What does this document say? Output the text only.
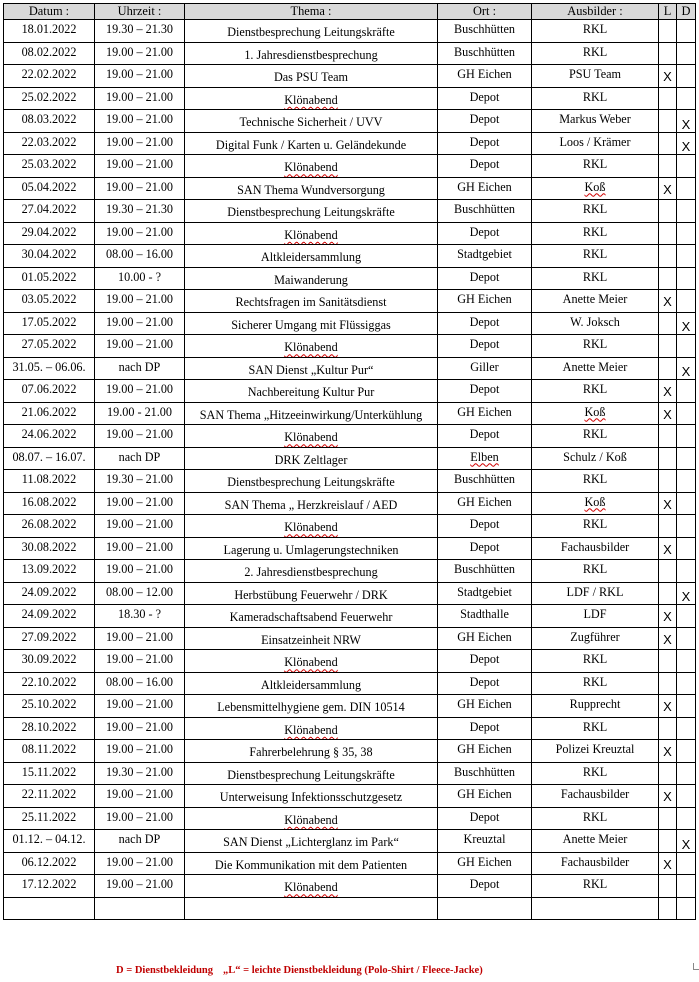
Datum :	Uhrzeit :	Thema :	Ort :	Ausbilder :	L	D
18.01.2022	19.30 – 21.30	Dienstbesprechung Leitungskräfte	Buschhütten	RKL		
08.02.2022	19.00 – 21.00	1. Jahresdienstbesprechung	Buschhütten	RKL		
22.02.2022	19.00 – 21.00	Das PSU Team	GH Eichen	PSU Team	X	
25.02.2022	19.00 – 21.00	Klönabend	Depot	RKL		
08.03.2022	19.00 – 21.00	Technische Sicherheit / UVV	Depot	Markus Weber		X
22.03.2022	19.00 – 21.00	Digital Funk / Karten u. Geländekunde	Depot	Loos / Krämer		X
25.03.2022	19.00 – 21.00	Klönabend	Depot	RKL		
05.04.2022	19.00 – 21.00	SAN Thema Wundversorgung	GH Eichen	Koß	X	
27.04.2022	19.30 – 21.30	Dienstbesprechung Leitungskräfte	Buschhütten	RKL		
29.04.2022	19.00 – 21.00	Klönabend	Depot	RKL		
30.04.2022	08.00 – 16.00	Altkleidersammlung	Stadtgebiet	RKL		
01.05.2022	10.00 - ?	Maiwanderung	Depot	RKL		
03.05.2022	19.00 – 21.00	Rechtsfragen im Sanitätsdienst	GH Eichen	Anette Meier	X	
17.05.2022	19.00 – 21.00	Sicherer Umgang mit Flüssiggas	Depot	W. Joksch		X
27.05.2022	19.00 – 21.00	Klönabend	Depot	RKL		
31.05. – 06.06.	nach DP	SAN Dienst „Kultur Pur“	Giller	Anette Meier		X
07.06.2022	19.00 – 21.00	Nachbereitung Kultur Pur	Depot	RKL	X	
21.06.2022	19.00 - 21.00	SAN Thema „Hitzeeinwirkung/Unterkühlung	GH Eichen	Koß	X	
24.06.2022	19.00 – 21.00	Klönabend	Depot	RKL		
08.07. – 16.07.	nach DP	DRK Zeltlager	Elben	Schulz / Koß		
11.08.2022	19.30 – 21.00	Dienstbesprechung Leitungskräfte	Buschhütten	RKL		
16.08.2022	19.00 – 21.00	SAN Thema „ Herzkreislauf / AED	GH Eichen	Koß	X	
26.08.2022	19.00 – 21.00	Klönabend	Depot	RKL		
30.08.2022	19.00 – 21.00	Lagerung u. Umlagerungstechniken	Depot	Fachausbilder	X	
13.09.2022	19.00 – 21.00	2. Jahresdienstbesprechung	Buschhütten	RKL		
24.09.2022	08.00 – 12.00	Herbstübung Feuerwehr / DRK	Stadtgebiet	LDF / RKL		X
24.09.2022	18.30 - ?	Kameradschaftsabend Feuerwehr	Stadthalle	LDF	X	
27.09.2022	19.00 – 21.00	Einsatzeinheit NRW	GH Eichen	Zugführer	X	
30.09.2022	19.00 – 21.00	Klönabend	Depot	RKL		
22.10.2022	08.00 – 16.00	Altkleidersammlung	Depot	RKL		
25.10.2022	19.00 – 21.00	Lebensmittelhygiene gem. DIN 10514	GH Eichen	Rupprecht	X	
28.10.2022	19.00 – 21.00	Klönabend	Depot	RKL		
08.11.2022	19.00 – 21.00	Fahrerbelehrung § 35, 38	GH Eichen	Polizei Kreuztal	X	
15.11.2022	19.30 – 21.00	Dienstbesprechung Leitungskräfte	Buschhütten	RKL		
22.11.2022	19.00 – 21.00	Unterweisung Infektionsschutzgesetz	GH Eichen	Fachausbilder	X	
25.11.2022	19.00 – 21.00	Klönabend	Depot	RKL		
01.12. – 04.12.	nach DP	SAN Dienst „Lichterglanz im Park“	Kreuztal	Anette Meier		X
06.12.2022	19.00 – 21.00	Die Kommunikation mit dem Patienten	GH Eichen	Fachausbilder	X	
17.12.2022	19.00 – 21.00	Klönabend	Depot	RKL		

D = Dienstbekleidung „L“ = leichte Dienstbekleidung (Polo-Shirt / Fleece-Jacke)
